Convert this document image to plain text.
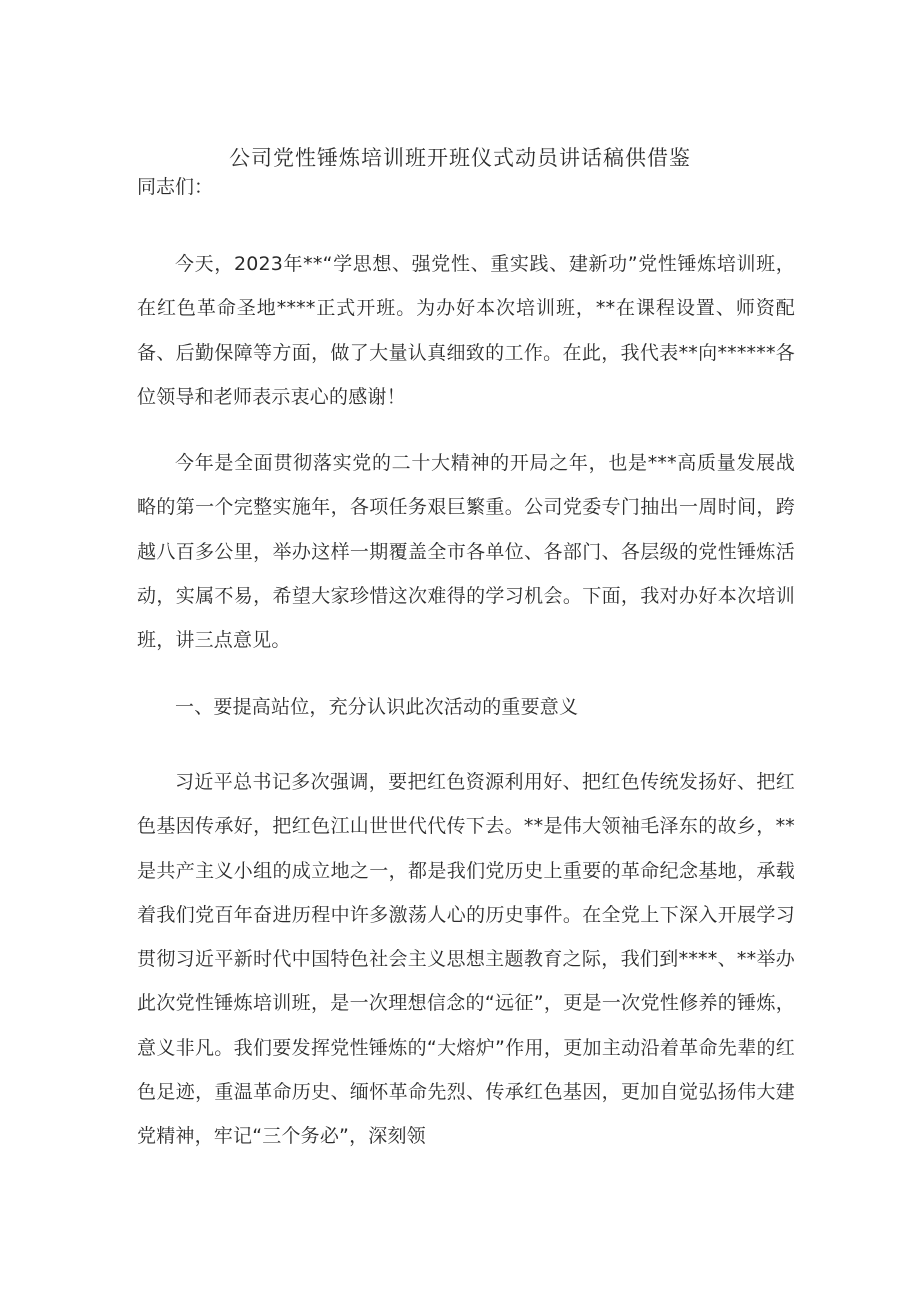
公司党性锤炼培训班开班仪式动员讲话稿供借鉴

同志们：

今天，2023年**“学思想、强党性、重实践、建新功”党性锤炼培训班，在红色革命圣地****正式开班。为办好本次培训班，**在课程设置、师资配备、后勤保障等方面，做了大量认真细致的工作。在此，我代表**向******各位领导和老师表示衷心的感谢！

今年是全面贯彻落实党的二十大精神的开局之年，也是***高质量发展战略的第一个完整实施年，各项任务艰巨繁重。公司党委专门抽出一周时间，跨越八百多公里，举办这样一期覆盖全市各单位、各部门、各层级的党性锤炼活动，实属不易，希望大家珍惜这次难得的学习机会。下面，我对办好本次培训班，讲三点意见。

一、要提高站位，充分认识此次活动的重要意义

习近平总书记多次强调，要把红色资源利用好、把红色传统发扬好、把红色基因传承好，把红色江山世世代代传下去。**是伟大领袖毛泽东的故乡，**是共产主义小组的成立地之一，都是我们党历史上重要的革命纪念基地，承载着我们党百年奋进历程中许多激荡人心的历史事件。在全党上下深入开展学习贯彻习近平新时代中国特色社会主义思想主题教育之际，我们到****、**举办此次党性锤炼培训班，是一次理想信念的“远征”，更是一次党性修养的锤炼，意义非凡。我们要发挥党性锤炼的“大熔炉”作用，更加主动沿着革命先辈的红色足迹，重温革命历史、缅怀革命先烈、传承红色基因，更加自觉弘扬伟大建党精神，牢记“三个务必”，深刻领
